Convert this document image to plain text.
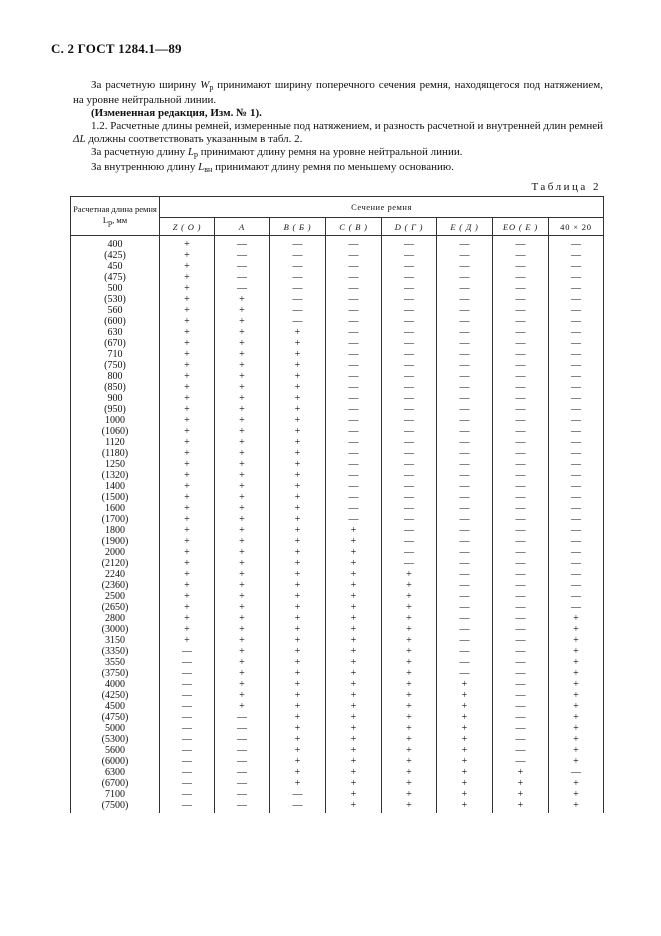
С. 2 ГОСТ 1284.1—89

За расчетную ширину $W_р$ принимают ширину поперечного сечения ремня, находящегося под натяжением, на уровне нейтральной линии.

(Измененная редакция, Изм. № 1).

1.2. Расчетные длины ремней, измеренные под натяжением, и разность расчетной и внутренней длин ремней ΔL должны соответствовать указанным в табл. 2.

За расчетную длину $L_p$ принимают длину ремня на уровне нейтральной линии.

За внутреннюю длину $L_{вн}$ принимают длину ремня по меньшему основанию.

Таблица 2
Расчетная длина ремня $L_p$, мм	Сечение ремня							
	Z ( O )	A	B ( Б )	C ( B )	D ( Г )	E ( Д )	EO ( E )	40 × 20
400	+	—	—	—	—	—	—	—
(425)	+	—	—	—	—	—	—	—
450	+	—	—	—	—	—	—	—
(475)	+	—	—	—	—	—	—	—
500	+	—	—	—	—	—	—	—
(530)	+	+	—	—	—	—	—	—
560	+	+	—	—	—	—	—	—
(600)	+	+	—	—	—	—	—	—
630	+	+	+	—	—	—	—	—
(670)	+	+	+	—	—	—	—	—
710	+	+	+	—	—	—	—	—
(750)	+	+	+	—	—	—	—	—
800	+	+	+	—	—	—	—	—
(850)	+	+	+	—	—	—	—	—
900	+	+	+	—	—	—	—	—
(950)	+	+	+	—	—	—	—	—
1000	+	+	+	—	—	—	—	—
(1060)	+	+	+	—	—	—	—	—
1120	+	+	+	—	—	—	—	—
(1180)	+	+	+	—	—	—	—	—
1250	+	+	+	—	—	—	—	—
(1320)	+	+	+	—	—	—	—	—
1400	+	+	+	—	—	—	—	—
(1500)	+	+	+	—	—	—	—	—
1600	+	+	+	—	—	—	—	—
(1700)	+	+	+	—	—	—	—	—
1800	+	+	+	+	—	—	—	—
(1900)	+	+	+	+	—	—	—	—
2000	+	+	+	+	—	—	—	—
(2120)	+	+	+	+	—	—	—	—
2240	+	+	+	+	+	—	—	—
(2360)	+	+	+	+	+	—	—	—
2500	+	+	+	+	+	—	—	—
(2650)	+	+	+	+	+	—	—	—
2800	+	+	+	+	+	—	—	+
(3000)	+	+	+	+	+	—	—	+
3150	+	+	+	+	+	—	—	+
(3350)	—	+	+	+	+	—	—	+
3550	—	+	+	+	+	—	—	+
(3750)	—	+	+	+	+	—	—	+
4000	—	+	+	+	+	+	—	+
(4250)	—	+	+	+	+	+	—	+
4500	—	+	+	+	+	+	—	+
(4750)	—	—	+	+	+	+	—	+
5000	—	—	+	+	+	+	—	+
(5300)	—	—	+	+	+	+	—	+
5600	—	—	+	+	+	+	—	+
(6000)	—	—	+	+	+	+	—	+
6300	—	—	+	+	+	+	+	—
(6700)	—	—	+	+	+	+	+	+
7100	—	—	—	+	+	+	+	+
(7500)	—	—	—	+	+	+	+	+
